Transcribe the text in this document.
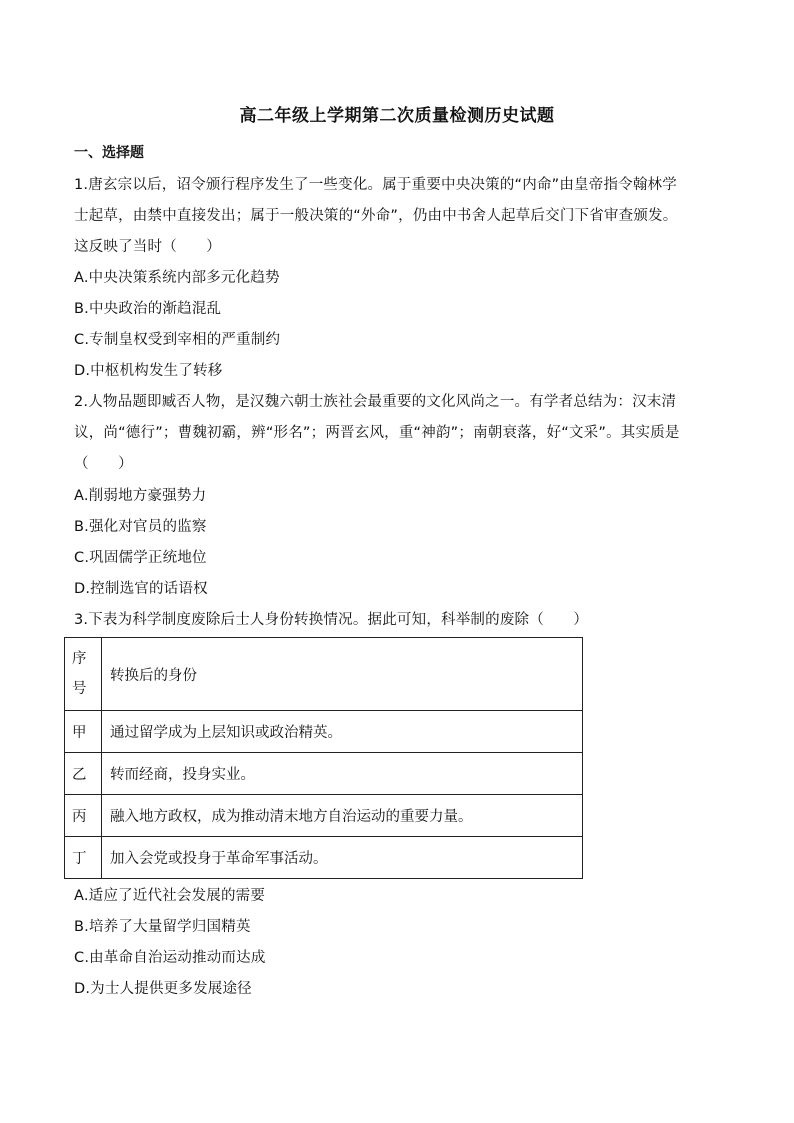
高二年级上学期第二次质量检测历史试题
一、选择题
1.唐玄宗以后，诏令颁行程序发生了一些变化。属于重要中央决策的“内命”由皇帝指令翰林学
士起草，由禁中直接发出；属于一般决策的“外命”，仍由中书舍人起草后交门下省审查颁发。
这反映了当时（　　）
A.中央决策系统内部多元化趋势
B.中央政治的渐趋混乱
C.专制皇权受到宰相的严重制约
D.中枢机构发生了转移
2.人物品题即臧否人物，是汉魏六朝士族社会最重要的文化风尚之一。有学者总结为：汉末清
议，尚“德行”；曹魏初霸，辨“形名”；两晋玄风，重“神韵”；南朝衰落，好“文采”。其实质是
（　　）
A.削弱地方豪强势力
B.强化对官员的监察
C.巩固儒学正统地位
D.控制选官的话语权
3.下表为科学制度废除后士人身份转换情况。据此可知，科举制的废除（　　）
序
号	转换后的身份
甲	通过留学成为上层知识或政治精英。
乙	转而经商，投身实业。
丙	融入地方政权，成为推动清末地方自治运动的重要力量。
丁	加入会党或投身于革命军事活动。
A.适应了近代社会发展的需要
B.培养了大量留学归国精英
C.由革命自治运动推动而达成
D.为士人提供更多发展途径
